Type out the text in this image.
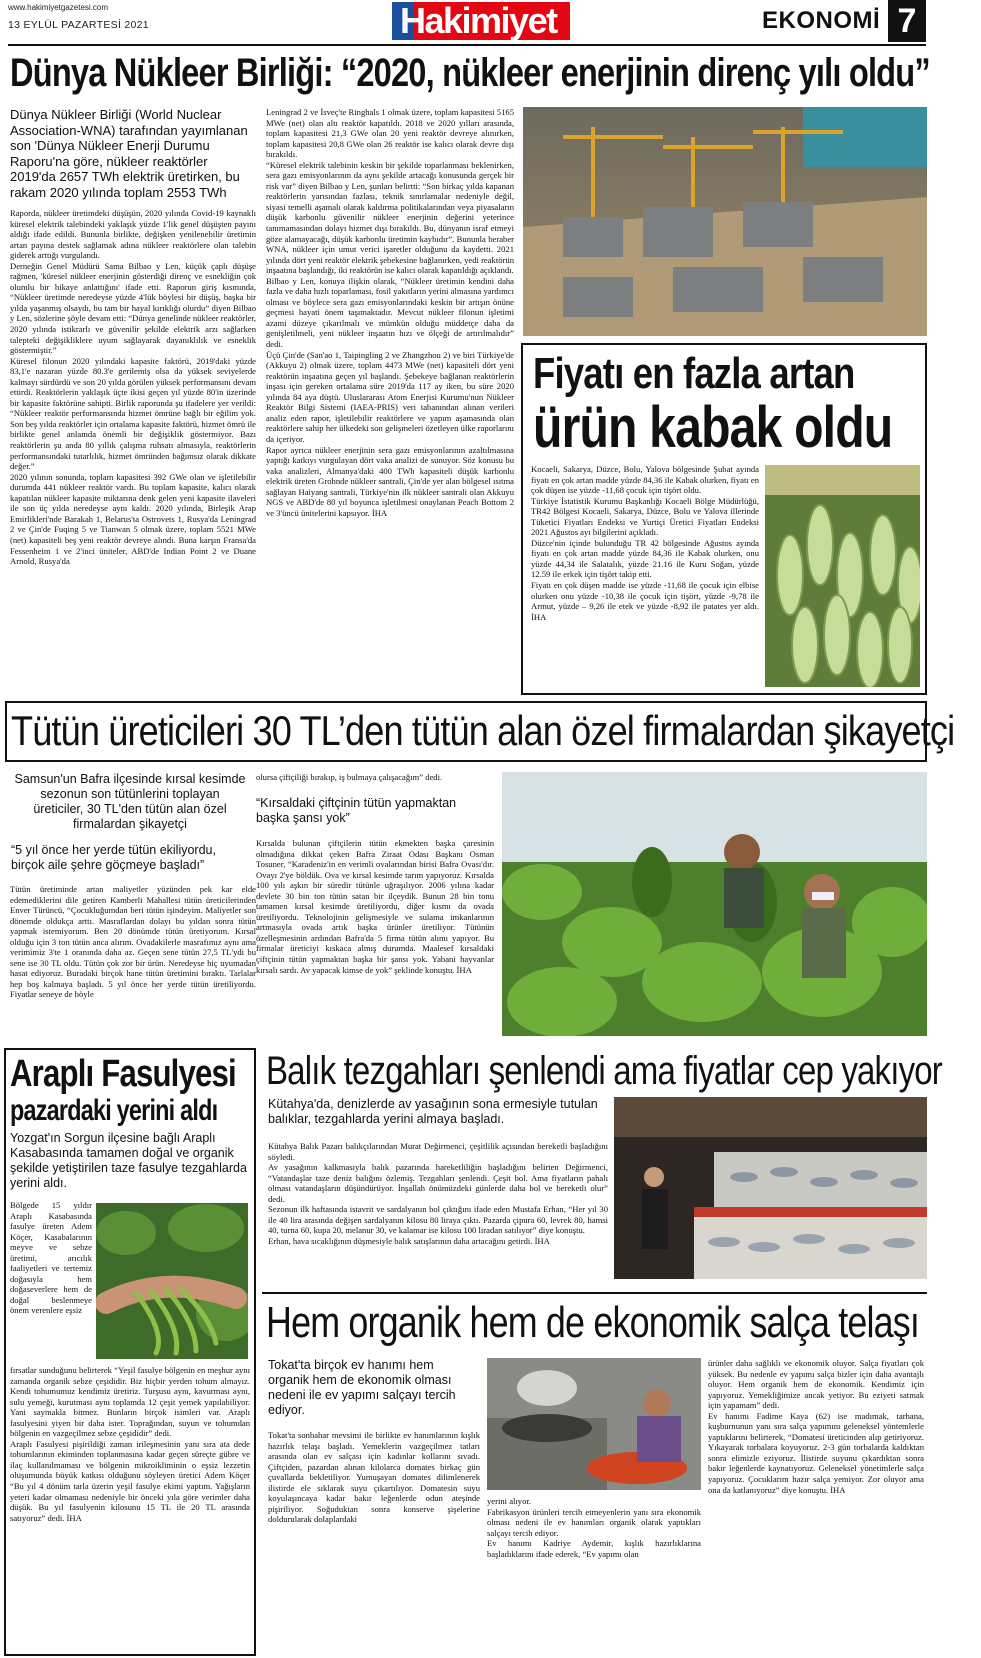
www.hakimiyetgazetesi.com
13 EYLÜL PAZARTESİ 2021	Hakimiyet	EKONOMİ 7
Dünya Nükleer Birliği: “2020, nükleer enerjinin direnç yılı oldu”
Dünya Nükleer Birliği (World Nuclear Association-WNA) tarafından yayımlanan son 'Dünya Nükleer Enerji Durumu Raporu'na göre, nükleer reaktörler 2019'da 2657 TWh elektrik üretirken, bu rakam 2020 yılında toplam 2553 TWh

Raporda, nükleer üretimdeki düşüşün, 2020 yılında Covid-19 kaynaklı küresel elektrik talebindeki yaklaşık yüzde 1'lik genel düşüşten payını aldığı ifade edildi. Bununla birlikte, değişken yenilenebilir üretimin artan payına destek sağlamak adına nükleer reaktörlere olan talebin giderek arttığı vurgulandı.
Derneğin Genel Müdürü Sama Bilbao y Len, küçük çaplı düşüşe rağmen, 'küresel nükleer enerjinin gösterdiği direnç ve esnekliğin çok olumlu bir hikaye anlattığını' ifade etti. Raporun giriş kısmında, “Nükleer üretimde neredeyse yüzde 4'lük böylesi bir düşüş, başka bir yılda yaşanmış olsaydı, bu tam bir hayal kırıklığı olurdu” diyen Bilbao y Len, sözlerine şöyle devam etti: “Dünya genelinde nükleer reaktörler, 2020 yılında istikrarlı ve güvenilir şekilde elektrik arzı sağlarken talepteki değişikliklere uyum sağlayarak dayanıklılık ve esneklik göstermiştir.”
Küresel filonun 2020 yılındaki kapasite faktörü, 2019'daki yüzde 83,1'e nazaran yüzde 80.3'e gerilemiş olsa da yüksek seviyelerde kalmayı sürdürdü ve son 20 yılda görülen yüksek performansını devam ettirdi. Reaktörlerin yaklaşık üçte ikisi geçen yıl yüzde 80'in üzerinde bir kapasite faktörüne sahipti. Birlik raporunda şu ifadelere yer verildi: “Nükleer reaktör performansında hizmet ömrüne bağlı bir eğilim yok. Son beş yılda reaktörler için ortalama kapasite faktörü, hizmet ömrü ile birlikte genel anlamda önemli bir değişiklik göstermiyor. Bazı reaktörlerin şu anda 80 yıllık çalışma ruhsatı almasıyla, reaktörlerin performansındaki tutarlılık, hizmet ömründen bağımsız olarak dikkate değer.”
2020 yılının sonunda, toplam kapasitesi 392 GWe olan ve işletilebilir durumda 441 nükleer reaktör vardı. Bu toplam kapasite, kalıcı olarak kapatılan nükleer kapasite miktarına denk gelen yeni kapasite ilaveleri ile son üç yılda neredeyse aynı kaldı. 2020 yılında, Birleşik Arap Emirlikleri'nde Barakah 1, Belarus'ta Ostrovets 1, Rusya'da Leningrad 2 ve Çin'de Fuqing 5 ve Tianwan 5 olmak üzere, toplam 5521 MWe (net) kapasiteli beş yeni reaktör devreye alındı. Buna karşın Fransa'da Fessenheim 1 ve 2'inci üniteler, ABD'de Indian Point 2 ve Duane Arnold, Rusya'da

Leningrad 2 ve İsveç'te Ringhals 1 olmak üzere, toplam kapasitesi 5165 MWe (net) olan altı reaktör kapatıldı. 2018 ve 2020 yılları arasında, toplam kapasitesi 21,3 GWe olan 20 yeni reaktör devreye alınırken, toplam kapasitesi 20,8 GWe olan 26 reaktör ise kalıcı olarak devre dışı bırakıldı.
“Küresel elektrik talebinin keskin bir şekilde toparlanması beklenirken, sera gazı emisyonlarının da aynı şekilde artacağı konusunda gerçek bir risk var” diyen Bilbao y Len, şunları belirtti: “Son birkaç yılda kapanan reaktörlerin yarısından fazlası, teknik sınırlamalar nedeniyle değil, siyasi temelli aşamalı olarak kaldırma politikalarından veya piyasaların düşük karbonlu güvenilir nükleer enerjinin değerini yeterince tanımamasından dolayı hizmet dışı bırakıldı. Bu, dünyanın israf etmeyi göze alamayacağı, düşük karbonlu üretimin kaybıdır”. Bununla beraber WNA, nükleer için umut verici işaretler olduğunu da kaydetti. 2021 yılında dört yeni reaktör elektrik şebekesine bağlanırken, yedi reaktörün inşaatına başlandığı, iki reaktörün ise kalıcı olarak kapatıldığı açıklandı.
Bilbao y Len, konuya ilişkin olarak, “Nükleer üretimin kendini daha fazla ve daha hızlı toparlaması, fosil yakıtların yerini almasına yardımcı olması ve böylece sera gazı emisyonlarındaki keskin bir artışın önüne geçmesi hayati önem taşımaktadır. Mevcut nükleer filonun işletimi azami düzeye çıkarılmalı ve mümkün olduğu müddetçe daha da genişletilmeli, yeni nükleer inşaatın hızı ve ölçeği de artırılmalıdır” dedi.
Üçü Çin'de (San'ao 1, Taipingling 2 ve Zhangzhou 2) ve biri Türkiye'de (Akkuyu 2) olmak üzere, toplam 4473 MWe (net) kapasiteli dört yeni reaktörün inşaatına geçen yıl başlandı. Şebekeye bağlanan reaktörlerin inşası için gereken ortalama süre 2019'da 117 ay iken, bu süre 2020 yılında 84 aya düştü. Uluslararası Atom Enerjisi Kurumu'nun Nükleer Reaktör Bilgi Sistemi (IAEA-PRIS) veri tabanından alınan verileri analiz eden rapor, işletilebilir reaktörlere ve yapım aşamasında olan reaktörlere sahip her ülkedeki son gelişmeleri özetleyen ülke raporlarını da içeriyor.
Rapor ayrıca nükleer enerjinin sera gazı emisyonlarının azaltılmasına yaptığı katkıyı vurgulayan dört vaka analizi de sunuyor. Söz konusu bu vaka analizleri, Almanya'daki 400 TWh kapasiteli düşük karbonlu elektrik üreten Grohnde nükleer santrali, Çin'de yer alan bölgesel ısıtma sağlayan Haiyang santrali, Türkiye'nin ilk nükleer santrali olan Akkuyu NGS ve ABD'de 80 yıl boyunca işletilmesi onaylanan Peach Bottom 2 ve 3'üncü ünitelerini kapsıyor. İHA

Fiyatı en fazla artan
ürün kabak oldu

Kocaeli, Sakarya, Düzce, Bolu, Yalova bölgesinde Şubat ayında fiyatı en çok artan madde yüzde 84,36 ile Kabak olurken, fiyatı en çok düşen ise yüzde -11,68 çocuk için tişört oldu.
Türkiye İstatistik Kurumu Başkanlığı Kocaeli Bölge Müdürlüğü, TR42 Bölgesi Kocaeli, Sakarya, Düzce, Bolu ve Yalova illerinde Tüketici Fiyatları Endeksi ve Yurtiçi Üretici Fiyatları Endeksi 2021 Ağustos ayı bilgilerini açıkladı.
Düzce'nin içinde bulunduğu TR 42 bölgesinde Ağustos ayında fiyatı en çok artan madde yüzde 84,36 ile Kabak olurken, onu yüzde 44,34 ile Salatalık, yüzde 21.16 ile Kuru Soğan, yüzde 12.59 ile erkek için tişört takip etti.
Fiyatı en çok düşen madde ise yüzde -11,68 ile çocuk için elbise olurken onu yüzde -10,38 ile çocuk için tişört, yüzde -9,78 ile Armut, yüzde – 9,26 ile etek ve yüzde -8,92 ile patates yer aldı. İHA

Tütün üreticileri 30 TL’den tütün alan özel firmalardan şikayetçi
Samsun'un Bafra ilçesinde kırsal kesimde sezonun son tütünlerini toplayan üreticiler, 30 TL'den tütün alan özel firmalardan şikayetçi
“5 yıl önce her yerde tütün ekiliyordu, birçok aile şehre göçmeye başladı”

Tütün üretiminde artan maliyetler yüzünden pek kar elde edemediklerini dile getiren Kamberli Mahallesi tütün üreticilerinden Enver Türüncü, “Çocukluğumdan beri tütün işindeyim. Maliyetler son dönemde oldukça arttı. Masraflardan dolayı bu yıldan sonra tütün yapmak istemiyorum. Ben 20 dönümde tütün üretiyorum. Kırsal olduğu için 3 ton tütün anca alırım. Ovadakilerle masrafımız aynı ama verimimiz 3'te 1 oranında daha az. Geçen sene tütün 27,5 TL'ydi bu sene ise 30 TL oldu. Tütün çok zor bir ürün. Neredeyse hiç uyumadan hasat ediyoruz. Buradaki birçok hane tütün üretimini bıraktı. Tarlalar hep boş kalmaya başladı. 5 yıl önce her yerde tütün üretiliyordu. Fiyatlar seneye de böyle

olursa çiftçiliği bırakıp, iş bulmaya çalışacağım” dedi.

“Kırsaldaki çiftçinin tütün yapmaktan başka şansı yok”

Kırsalda bulunan çiftçilerin tütün ekmekten başka çaresinin olmadığına dikkat çeken Bafra Ziraat Odası Başkanı Osman Tosuner, “Karadeniz'in en verimli ovalarından birisi Bafra Ovası'dır. Ovayı 2'ye böldük. Ova ve kırsal kesimde tarım yapıyoruz. Kırsalda 100 yılı aşkın bir süredir tütünle uğraşılıyor. 2006 yılına kadar devlete 30 bin ton tütün satan bir ilçeydik. Bunun 28 bin tonu tamamen kırsal kesimde üretiliyordu, diğer kısmı da ovada üretiliyordu. Teknolojinin gelişmesiyle ve sulama imkanlarının artmasıyla ovada artık başka ürünler üretiliyor. Tütünün özelleşmesinin ardından Bafra'da 5 firma tütün alımı yapıyor. Bu firmalar üreticiyi kıskaca almış durumda. Maalesef kırsaldaki çiftçinin tütün yapmaktan başka bir şansı yok. Yabani hayvanlar kırsalı sardı. Av yapacak kimse de yok” şeklinde konuştu. İHA

Araplı Fasulyesi
pazardaki yerini aldı
Yozgat'ın Sorgun ilçesine bağlı Araplı Kasabasında tamamen doğal ve organik şekilde yetiştirilen taze fasulye tezgahlarda yerini aldı.

Bölgede 15 yıldır Araplı Kasabasında fasulye üreten Adem Köçer, Kasabalarının meyve ve sebze üretimi, arıcılık faaliyetleri ve tertemiz doğasıyla hem doğaseverlere hem de doğal beslenmeye önem verenlere eşsiz

fırsatlar sunduğunu belirterek “Yeşil fasulye bölgenin en meşhur aynı zamanda organik sebze çeşididir. Biz hiçbir yerden tohum almayız. Kendi tohumumuz kendimiz üretiriz. Turşusu aynı, kavurması aynı, sulu yemeği, kurutması aynı toplamda 12 çeşit yemek yapılabiliyor. Yani saymakla bitmez. Bunların birçok isimleri var. Araplı fasulyesini yiyen bir daha ister. Toprağından, suyun ve tohumdan bölgenin en vazgeçilmez sebze çeşididir” dedi.
Araplı Fasulyesi pişirildiği zaman irileşmesinin yanı sıra ata dede tohumlarının ekiminden toplanmasına kadar geçen süreçte gübre ve ilaç kullanılmaması ve bölgenin mikroikliminin o eşsiz lezzetin oluşumunda büyük katkısı olduğunu söyleyen üretici Adem Köçer “Bu yıl 4 dönüm tarla üzerin yeşil fasulye ekimi yaptım. Yağışların yeteri kadar olmaması nedeniyle bir önceki yıla göre verimler daha düşük. Bu yıl fasulyenin kilosunu 15 TL ile 20 TL arasında satıyoruz” dedi. İHA

Balık tezgahları şenlendi ama fiyatlar cep yakıyor
Kütahya'da, denizlerde av yasağının sona ermesiyle tutulan balıklar, tezgahlarda yerini almaya başladı.

Kütahya Balık Pazarı balıkçılarından Murat Değirmenci, çeşitlilik açısından bereketli başladığını söyledi.
Av yasağının kalkmasıyla balık pazarında hareketliliğin başladığını belirten Değirmenci, “Vatandaşlar taze deniz balığını özlemiş. Tezgahları şenlendi. Çeşit bol. Ama fiyatların pahalı olması vatandaşların düşündürüyor. İnşallah önümüzdeki günlerde daha bol ve bereketli olur” dedi.
Sezonun ilk haftasında istavrit ve sardalyanın bol çıktığını ifade eden Mustafa Erhan, “Her yıl 30 ile 40 lira arasında değişen sardalyanın kilosu 80 liraya çıktı. Pazarda çipura 60, levrek 80, hamsi 40, turna 60, kupa 20, melanur 30, ve kalamar ise kilosu 100 liradan satılıyor” diye konuştu.
Erhan, hava sıcaklığının düşmesiyle balık satışlarının daha artacağını getirdi. İHA

Hem organik hem de ekonomik salça telaşı
Tokat'ta birçok ev hanımı hem organik hem de ekonomik olması nedeni ile ev yapımı salçayı tercih ediyor.

Tokat'ta sonbahar mevsimi ile birlikte ev hanımlarının kışlık hazırlık telaşı başladı. Yemeklerin vazgeçilmez tatları arasında olan ev salçası için kadınlar kollarını sıvadı. Çiftçiden, pazardan alınan kilolarca domates birkaç gün çuvallarda bekletiliyor. Yumuşayan domates dilimlenerek ilistirde ele sıklarak suyu çıkartılıyor. Domatesin suyu koyulaşıncaya kadar bakır leğenlerde odun ateşinde pişiriliyor. Soğuduktan sonra konserve şişelerine doldurularak dolaplardaki

yerini alıyor.
Fabrikasyon ürünleri tercih etmeyenlerin yanı sıra ekonomik olması nedeni ile ev hanımları organik olarak yaptıkları salçayı tercih ediyor.
Ev hanımı Kadriye Aydemir, kışlık hazırlıklarına başladıklarını ifade ederek, “Ev yapımı olan

ürünler daha sağlıklı ve ekonomik oluyor. Salça fiyatları çok yüksek. Bu nedenle ev yapımı salça bizler için daha avantajlı oluyor. Hem organik hem de ekonomik. Kendimiz için yapıyoruz. Yemekliğimize ancak yetiyor. Bu eziyeti satmak için yapamam” dedi.
Ev hanımı Fadime Kaya (62) ise madımak, tarhana, kuşburnunun yanı sıra salça yapımını geleneksel yöntemlerle yaptıklarını belirterek, “Domatesi üreticinden alıp getiriyoruz. Yıkayarak torbalara koyuyoruz. 2-3 gün torbalarda kaldıktan sonra elimizle eziyoruz. İlistirde suyunu çıkardıktan sonra bakır leğenlerde kaynatıyoruz. Geleneksel yönetimlerle salça yapıyoruz. Çocuklarım hazır salça yemiyor. Zor oluyor ama ona da katlanıyoruz” diye konuştu. İHA
